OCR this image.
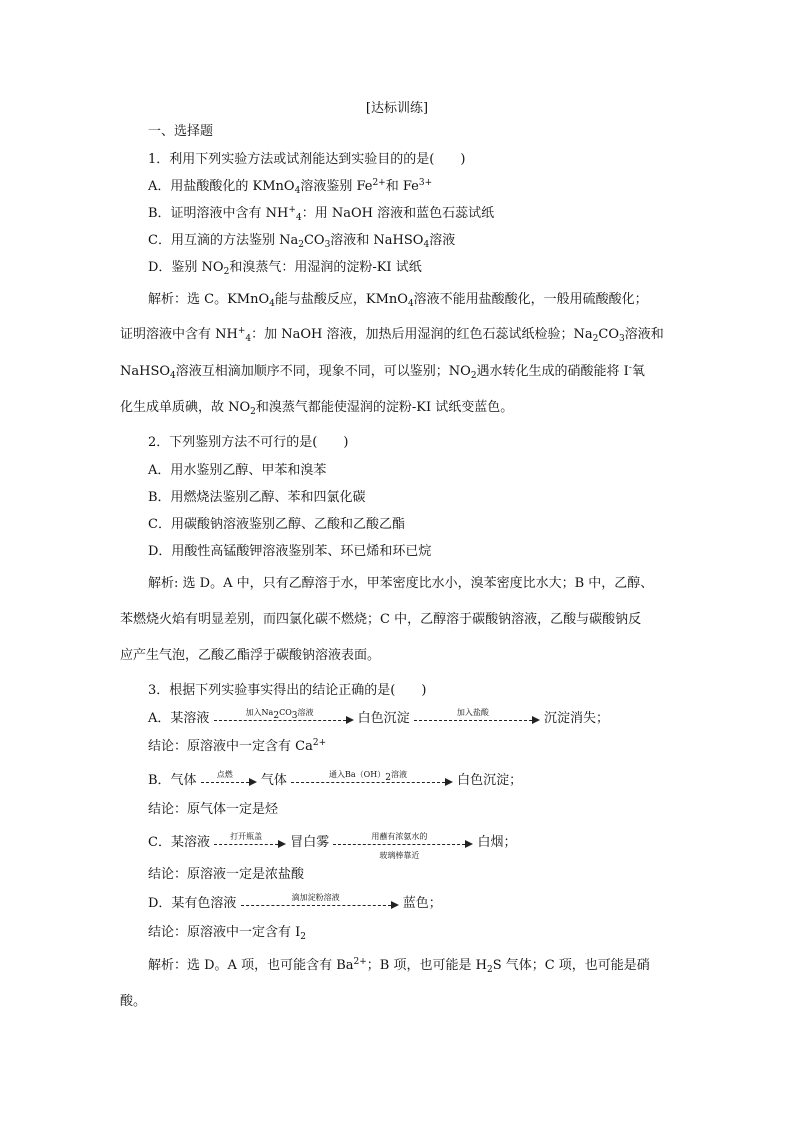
[达标训练]
一、选择题
1．利用下列实验方法或试剂能达到实验目的的是(　　)
A．用盐酸酸化的 KMnO$_4$溶液鉴别 $Fe^{2+}$和 $Fe^{3+}$
B．证明溶液中含有 $NH^+_4$：用 NaOH 溶液和蓝色石蕊试纸
C．用互滴的方法鉴别 $Na_2CO_3$溶液和 NaHSO$_4$溶液
D．鉴别 $NO_2$和溴蒸气：用湿润的淀粉-KI 试纸
解析：选 C。KMnO$_4$能与盐酸反应，KMnO$_4$溶液不能用盐酸酸化，一般用硫酸酸化；
证明溶液中含有 $NH^+_4$：加 NaOH 溶液，加热后用湿润的红色石蕊试纸检验；$Na_2CO_3$溶液和
NaHSO$_4$溶液互相滴加顺序不同，现象不同，可以鉴别；$NO_2$遇水转化生成的硝酸能将 I-氧
化生成单质碘，故 $NO_2$和溴蒸气都能使湿润的淀粉-KI 试纸变蓝色。
2．下列鉴别方法不可行的是(　　)
A．用水鉴别乙醇、甲苯和溴苯
B．用燃烧法鉴别乙醇、苯和四氯化碳
C．用碳酸钠溶液鉴别乙醇、乙酸和乙酸乙酯
D．用酸性高锰酸钾溶液鉴别苯、环已烯和环已烷
解析: 选 D。A 中，只有乙醇溶于水，甲苯密度比水小，溴苯密度比水大；B 中，乙醇、
苯燃烧火焰有明显差别，而四氯化碳不燃烧；C 中，乙醇溶于碳酸钠溶液，乙酸与碳酸钠反
应产生气泡，乙酸乙酯浮于碳酸钠溶液表面。
3．根据下列实验事实得出的结论正确的是(　　)
A．某溶液	加入$Na_2CO_3$溶液	白色沉淀	加入盐酸	沉淀消失；
结论：原溶液中一定含有 $Ca^{2+}$
B．气体	点燃	气体	通入$Ba(OH)_2$溶液	白色沉淀；
结论：原气体一定是烃
C．某溶液	打开瓶盖	冒白雾	用蘸有浓氨水的
玻璃棒靠近
白烟；
结论：原溶液一定是浓盐酸
D．某有色溶液	滴加淀粉溶液	蓝色；
结论：原溶液中一定含有 $I_2$
解析：选 D。A 项，也可能含有 $Ba^{2+}$；B 项，也可能是 $H_2S$ 气体；C 项，也可能是硝
酸。
